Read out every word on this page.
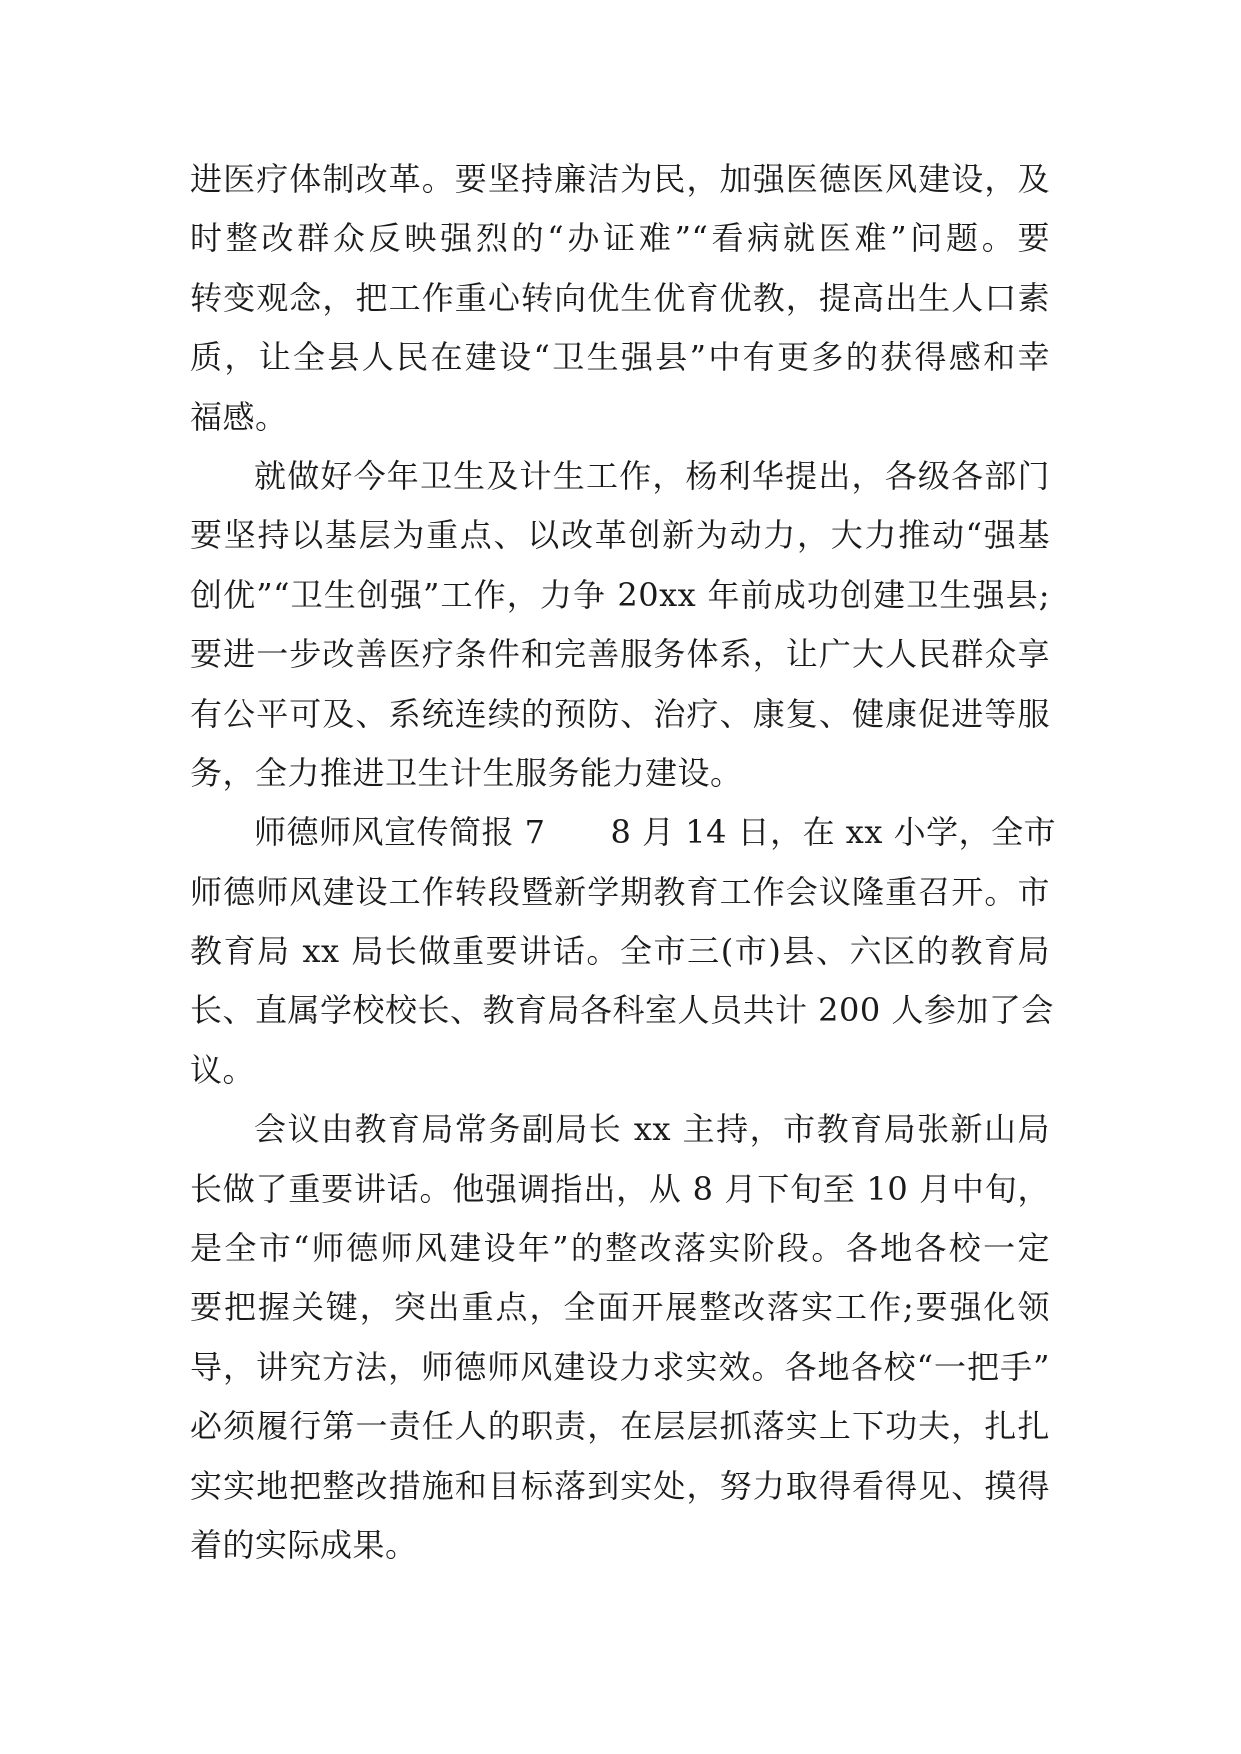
进医疗体制改革。要坚持廉洁为民，加强医德医风建设，及
时整改群众反映强烈的“办证难”“看病就医难”问题。要
转变观念，把工作重心转向优生优育优教，提高出生人口素
质，让全县人民在建设“卫生强县”中有更多的获得感和幸
福感。
就做好今年卫生及计生工作，杨利华提出，各级各部门
要坚持以基层为重点、以改革创新为动力，大力推动“强基
创优”“卫生创强”工作，力争 20xx 年前成功创建卫生强县;
要进一步改善医疗条件和完善服务体系，让广大人民群众享
有公平可及、系统连续的预防、治疗、康复、健康促进等服
务，全力推进卫生计生服务能力建设。
师德师风宣传简报 7　　8 月 14 日，在 xx 小学，全市
师德师风建设工作转段暨新学期教育工作会议隆重召开。市
教育局 xx 局长做重要讲话。全市三(市)县、六区的教育局
长、直属学校校长、教育局各科室人员共计 200 人参加了会
议。
会议由教育局常务副局长 xx 主持，市教育局张新山局
长做了重要讲话。他强调指出，从 8 月下旬至 10 月中旬，
是全市“师德师风建设年”的整改落实阶段。各地各校一定
要把握关键，突出重点，全面开展整改落实工作;要强化领
导，讲究方法，师德师风建设力求实效。各地各校“一把手”
必须履行第一责任人的职责，在层层抓落实上下功夫，扎扎
实实地把整改措施和目标落到实处，努力取得看得见、摸得
着的实际成果。
